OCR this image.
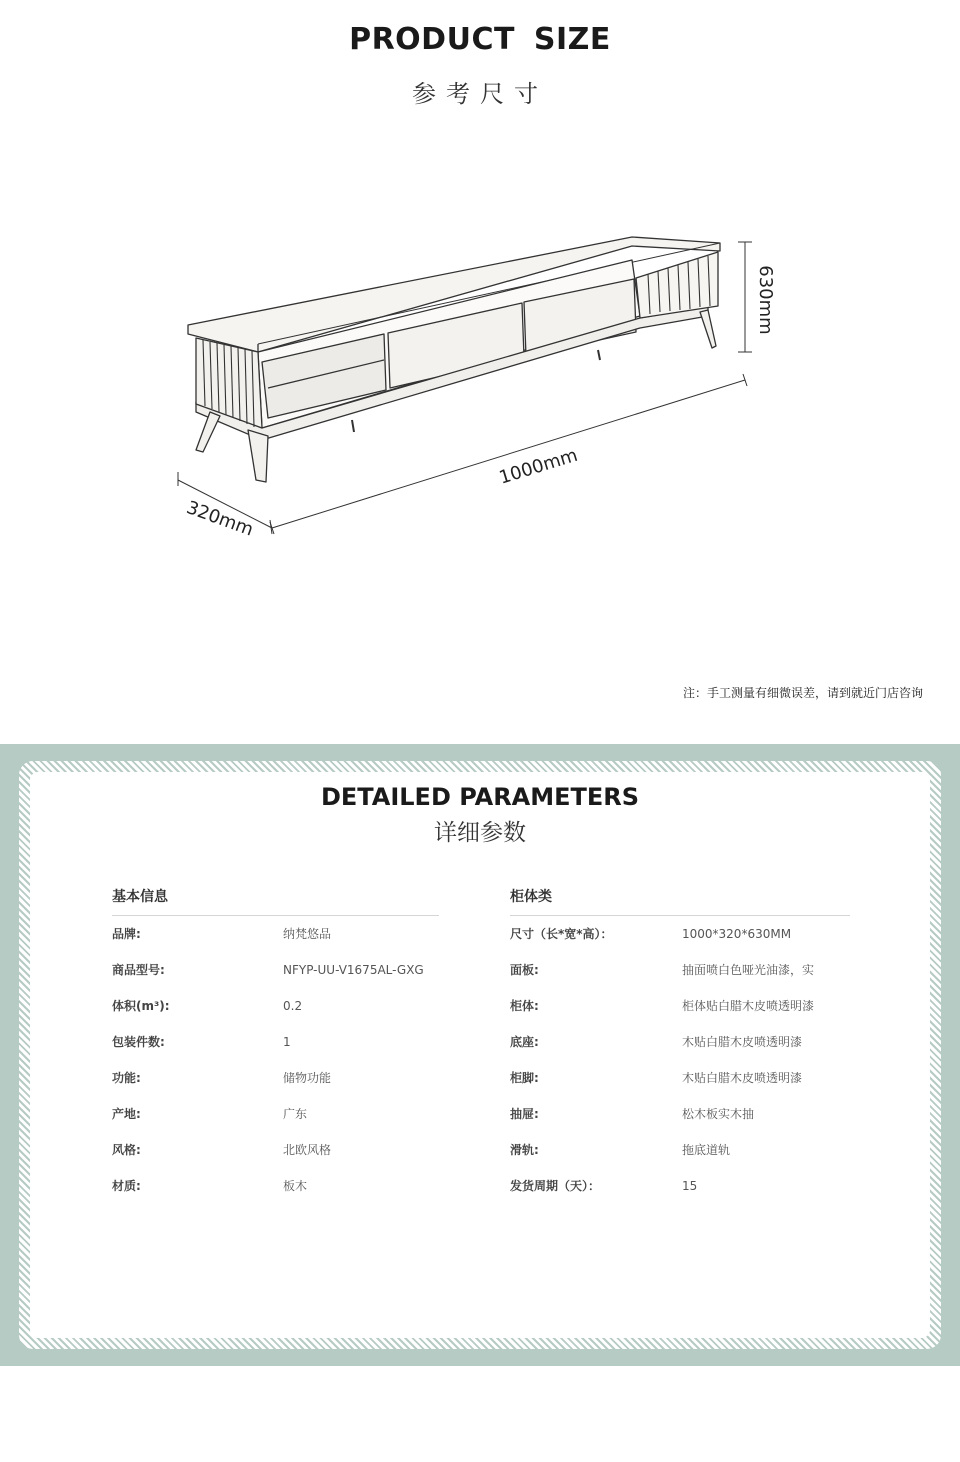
PRODUCT SIZE
参考尺寸
630mm
1000mm
320mm
注：手工测量有细微误差，请到就近门店咨询
DETAILED PARAMETERS
详细参数
基本信息
品牌:	纳梵悠品
商品型号:	NFYP-UU-V1675AL-GXG
体积(m³):	0.2
包装件数:	1
功能:	储物功能
产地:	广东
风格:	北欧风格
材质:	板木
柜体类
尺寸（长*宽*高）：	1000*320*630MM
面板:	抽面喷白色哑光油漆，实
柜体:	柜体贴白腊木皮喷透明漆
底座:	木贴白腊木皮喷透明漆
柜脚:	木贴白腊木皮喷透明漆
抽屉:	松木板实木抽
滑轨:	拖底道轨
发货周期（天）：	15
